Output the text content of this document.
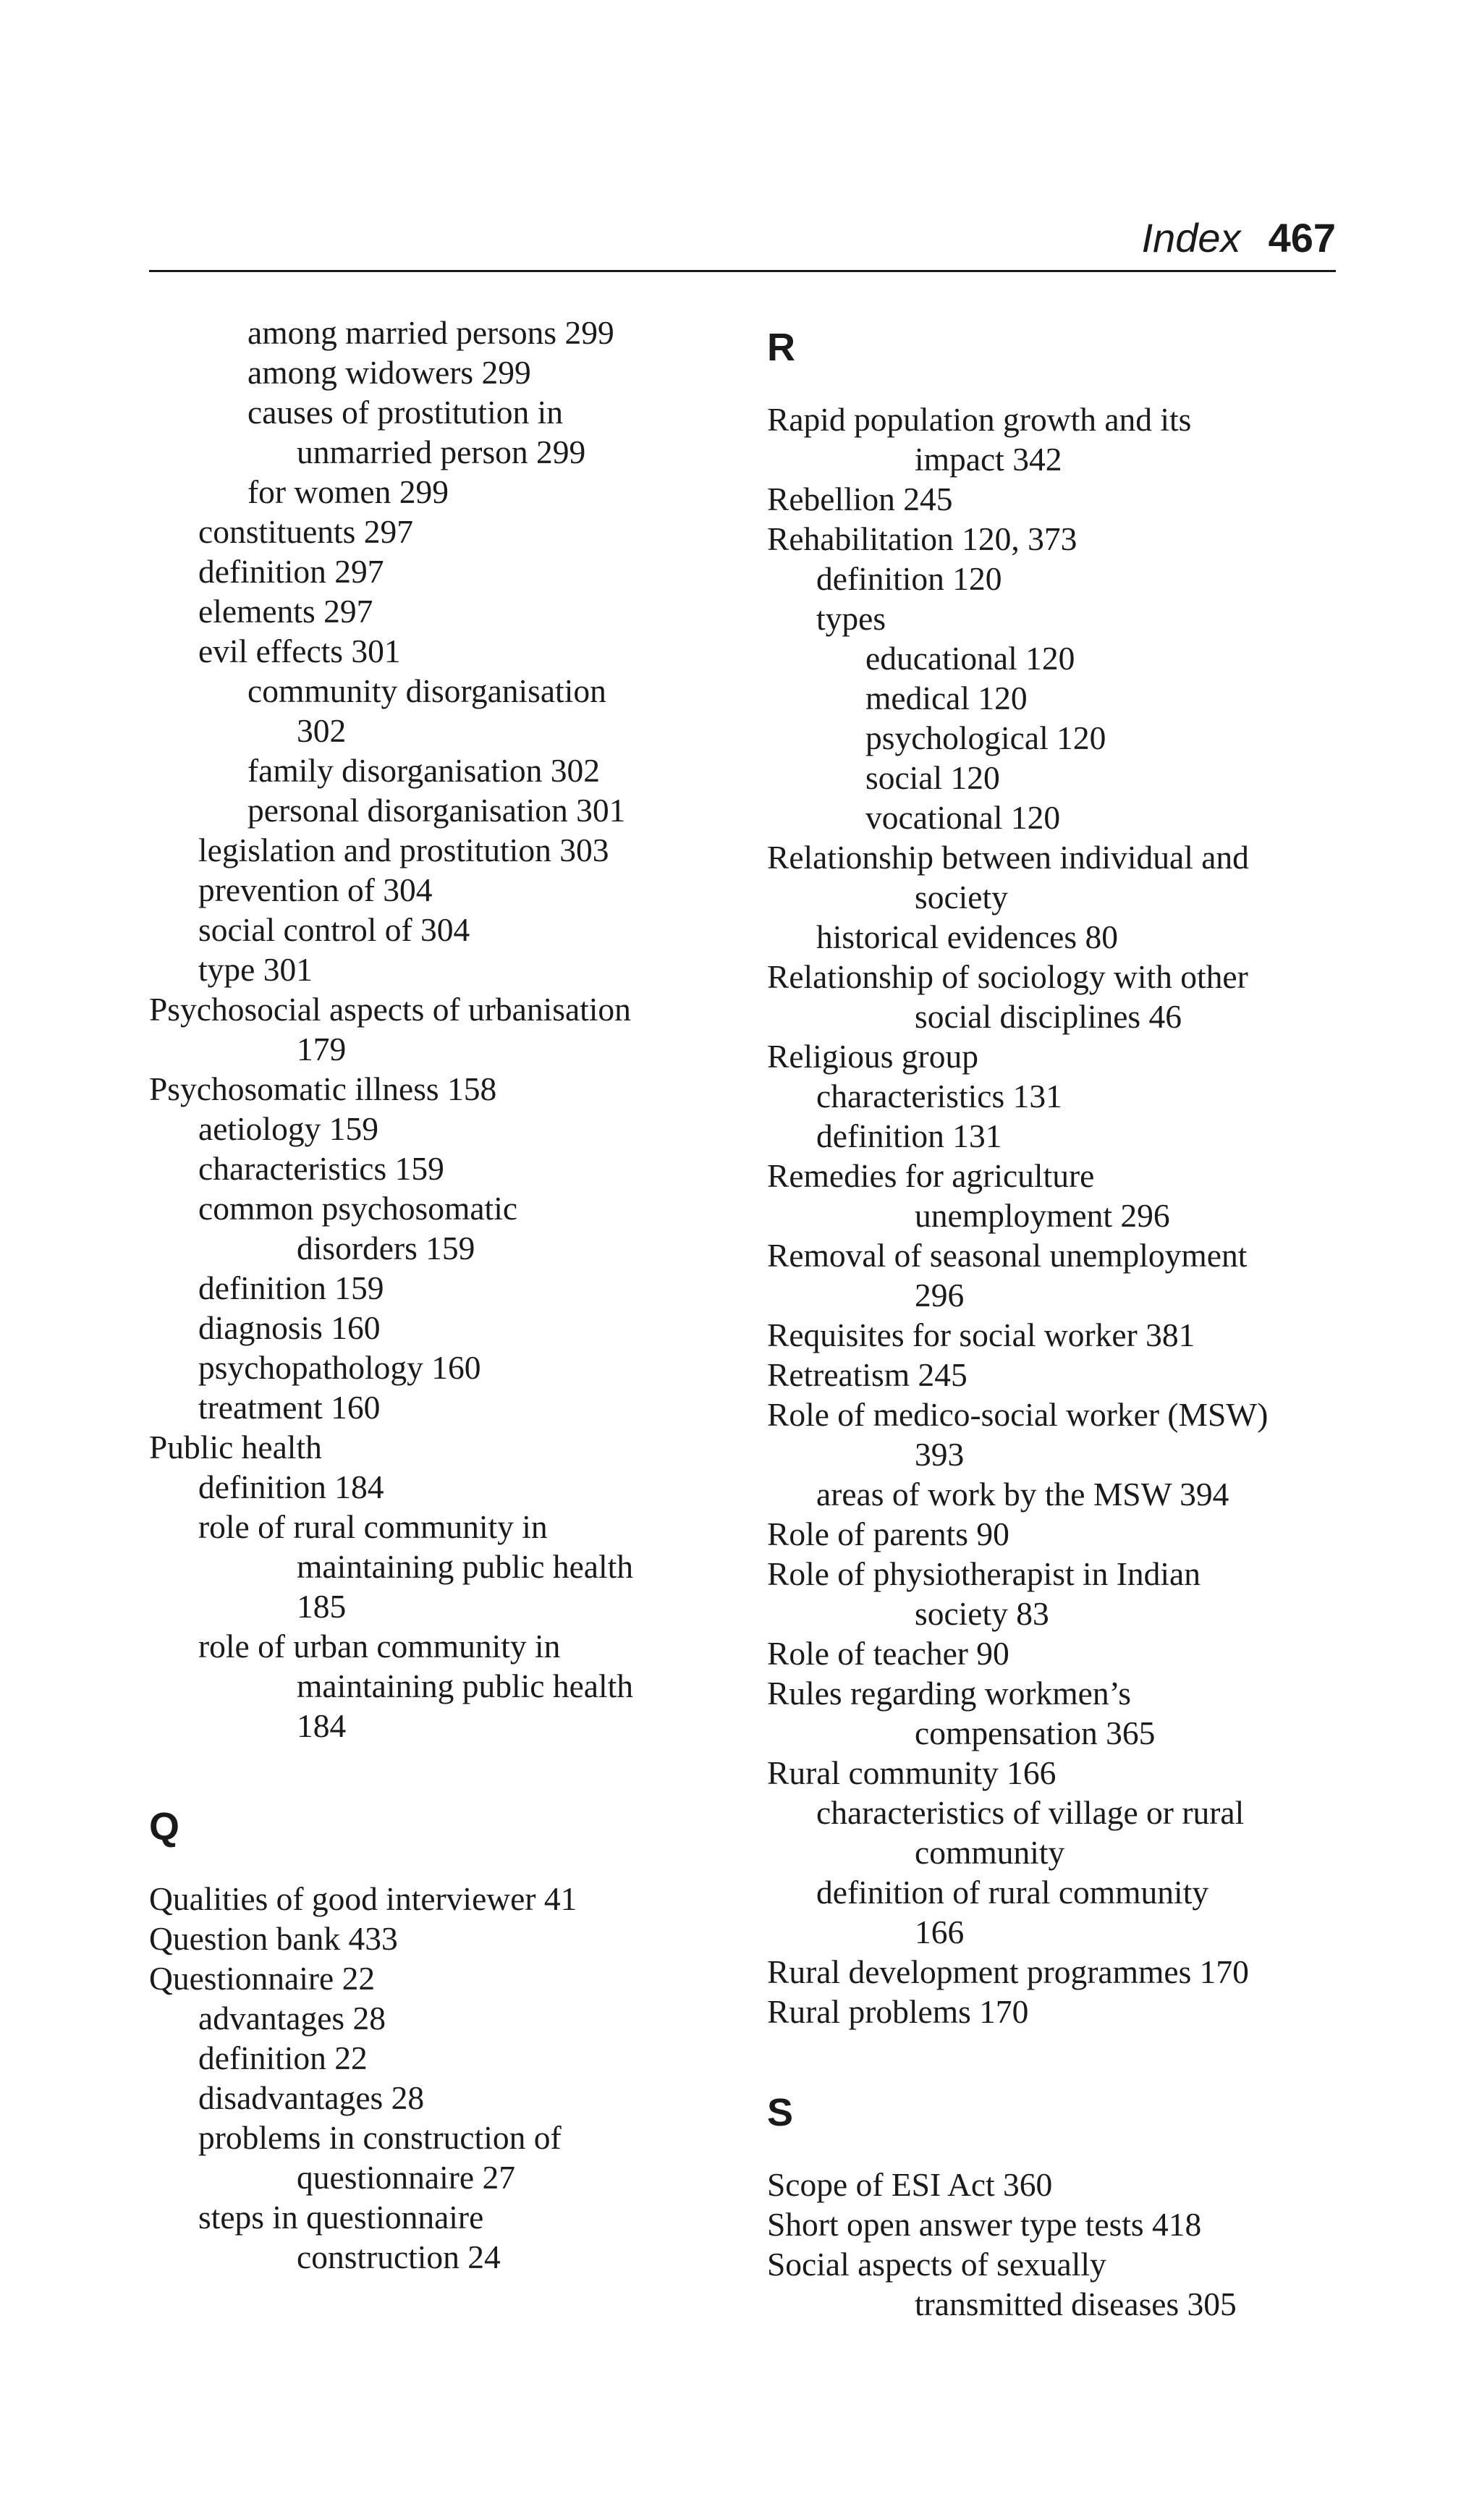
Index 467
among married persons 299
among widowers 299
causes of prostitution in
unmarried person 299
for women 299
constituents 297
definition 297
elements 297
evil effects 301
community disorganisation
302
family disorganisation 302
personal disorganisation 301
legislation and prostitution 303
prevention of 304
social control of 304
type 301
Psychosocial aspects of urbanisation
179
Psychosomatic illness 158
aetiology 159
characteristics 159
common psychosomatic
disorders 159
definition 159
diagnosis 160
psychopathology 160
treatment 160
Public health
definition 184
role of rural community in
maintaining public health
185
role of urban community in
maintaining public health
184
Q
Qualities of good interviewer 41
Question bank 433
Questionnaire 22
advantages 28
definition 22
disadvantages 28
problems in construction of
questionnaire 27
steps in questionnaire
construction 24
R
Rapid population growth and its
impact 342
Rebellion 245
Rehabilitation 120, 373
definition 120
types
educational 120
medical 120
psychological 120
social 120
vocational 120
Relationship between individual and
society
historical evidences 80
Relationship of sociology with other
social disciplines 46
Religious group
characteristics 131
definition 131
Remedies for agriculture
unemployment 296
Removal of seasonal unemployment
296
Requisites for social worker 381
Retreatism 245
Role of medico-social worker (MSW)
393
areas of work by the MSW 394
Role of parents 90
Role of physiotherapist in Indian
society 83
Role of teacher 90
Rules regarding workmen’s
compensation 365
Rural community 166
characteristics of village or rural
community
definition of rural community
166
Rural development programmes 170
Rural problems 170
S
Scope of ESI Act 360
Short open answer type tests 418
Social aspects of sexually
transmitted diseases 305
